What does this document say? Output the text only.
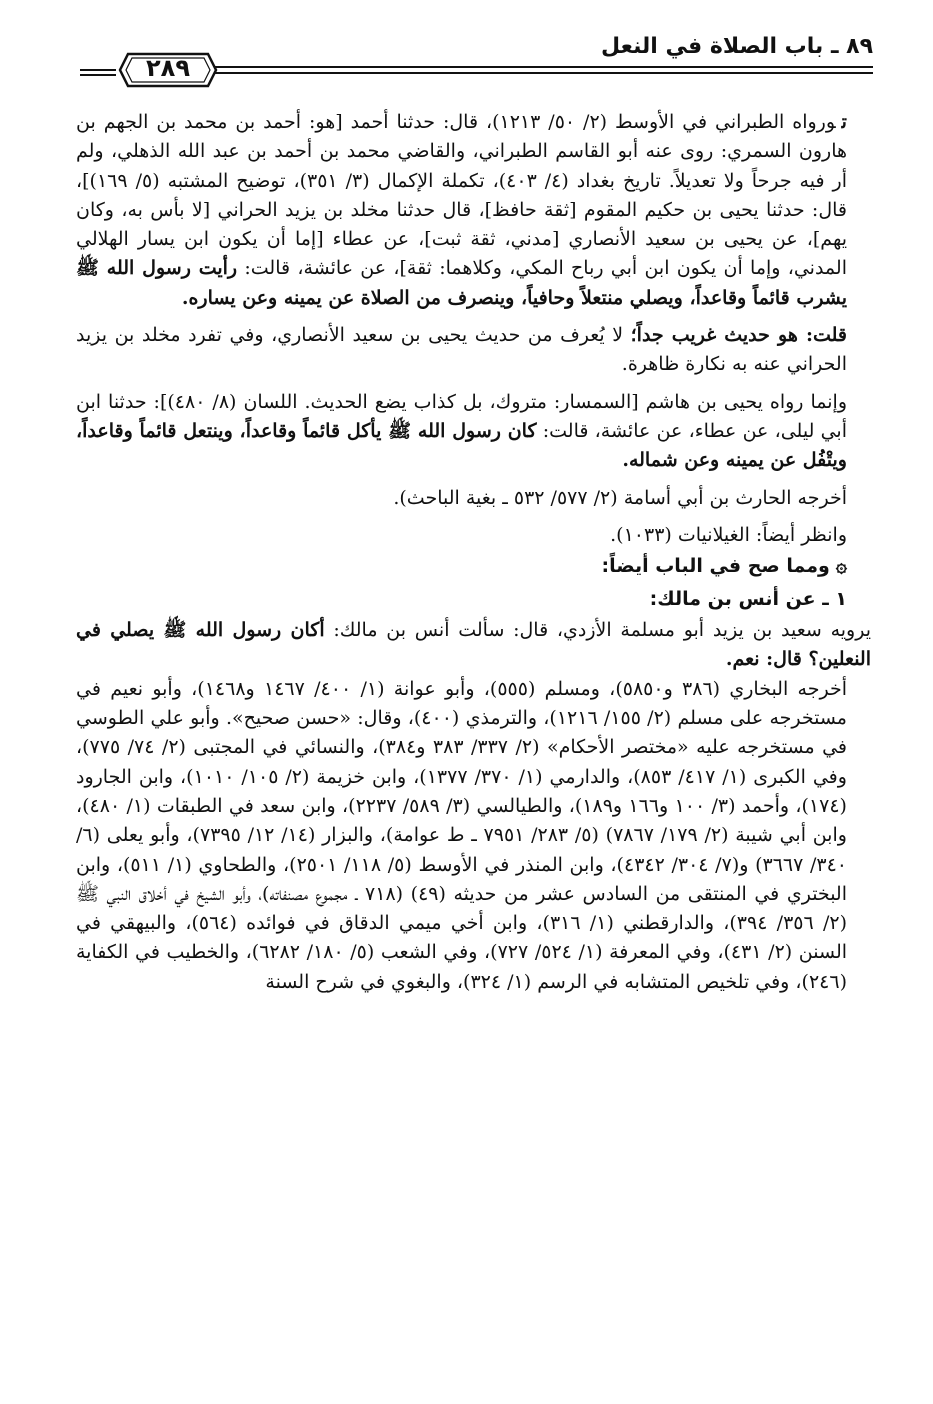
٨٩ ـ باب الصلاة في النعل
٢٨٩

تورواه الطبراني في الأوسط (٢/ ٥٠/ ١٢١٣)، قال: حدثنا أحمد [هو: أحمد بن محمد بن الجهم بن هارون السمري: روى عنه أبو القاسم الطبراني، والقاضي محمد بن أحمد بن عبد الله الذهلي، ولم أر فيه جرحاً ولا تعديلاً. تاريخ بغداد (٤/ ٤٠٣)، تكملة الإكمال (٣/ ٣٥١)، توضيح المشتبه (٥/ ١٦٩)]، قال: حدثنا يحيى بن حكيم المقوم [ثقة حافظ]، قال حدثنا مخلد بن يزيد الحراني [لا بأس به، وكان يهم]، عن يحيى بن سعيد الأنصاري [مدني، ثقة ثبت]، عن عطاء [إما أن يكون ابن يسار الهلالي المدني، وإما أن يكون ابن أبي رباح المكي، وكلاهما: ثقة]، عن عائشة، قالت: رأيت رسول الله ﷺ يشرب قائماً وقاعداً، ويصلي منتعلاً وحافياً، وينصرف من الصلاة عن يمينه وعن يساره.

قلت: هو حديث غريب جداً؛ لا يُعرف من حديث يحيى بن سعيد الأنصاري، وفي تفرد مخلد بن يزيد الحراني عنه به نكارة ظاهرة.

وإنما رواه يحيى بن هاشم [السمسار: متروك، بل كذاب يضع الحديث. اللسان (٨/ ٤٨٠)]: حدثنا ابن أبي ليلى، عن عطاء، عن عائشة، قالت: كان رسول الله ﷺ يأكل قائماً وقاعداً، وينتعل قائماً وقاعداً، ويتْفُل عن يمينه وعن شماله.

أخرجه الحارث بن أبي أسامة (٢/ ٥٧٧/ ٥٣٢ ـ بغية الباحث).

وانظر أيضاً: الغيلانيات (١٠٣٣).

۞ومما صح في الباب أيضاً:
١ ـ عن أنس بن مالك:

يرويه سعيد بن يزيد أبو مسلمة الأزدي، قال: سألت أنس بن مالك: أكان رسول الله ﷺ يصلي في النعلين؟ قال: نعم.

أخرجه البخاري (٣٨٦ و٥٨٥٠)، ومسلم (٥٥٥)، وأبو عوانة (١/ ٤٠٠/ ١٤٦٧ و١٤٦٨)، وأبو نعيم في مستخرجه على مسلم (٢/ ١٥٥/ ١٢١٦)، والترمذي (٤٠٠)، وقال: «حسن صحيح». وأبو علي الطوسي في مستخرجه عليه «مختصر الأحكام» (٢/ ٣٣٧/ ٣٨٣ و٣٨٤)، والنسائي في المجتبى (٢/ ٧٤/ ٧٧٥)، وفي الكبرى (١/ ٤١٧/ ٨٥٣)، والدارمي (١/ ٣٧٠/ ١٣٧٧)، وابن خزيمة (٢/ ١٠٥/ ١٠١٠)، وابن الجارود (١٧٤)، وأحمد (٣/ ١٠٠ و١٦٦ و١٨٩)، والطيالسي (٣/ ٥٨٩/ ٢٢٣٧)، وابن سعد في الطبقات (١/ ٤٨٠)، وابن أبي شيبة (٢/ ١٧٩/ ٧٨٦٧) (٥/ ٢٨٣/ ٧٩٥١ ـ ط عوامة)، والبزار (١٤/ ١٢/ ٧٣٩٥)، وأبو يعلى (٦/ ٣٤٠/ ٣٦٦٧) و(٧/ ٣٠٤/ ٤٣٤٢)، وابن المنذر في الأوسط (٥/ ١١٨/ ٢٥٠١)، والطحاوي (١/ ٥١١)، وابن البختري في المنتقى من السادس عشر من حديثه (٤٩) (٧١٨ ـ مجموع مصنفاته)، وأبو الشيخ في أخلاق النبي ﷺ (٢/ ٣٥٦/ ٣٩٤)، والدارقطني (١/ ٣١٦)، وابن أخي ميمي الدقاق في فوائده (٥٦٤)، والبيهقي في السنن (٢/ ٤٣١)، وفي المعرفة (١/ ٥٢٤/ ٧٢٧)، وفي الشعب (٥/ ١٨٠/ ٦٢٨٢)، والخطيب في الكفاية (٢٤٦)، وفي تلخيص المتشابه في الرسم (١/ ٣٢٤)، والبغوي في شرح السنة
